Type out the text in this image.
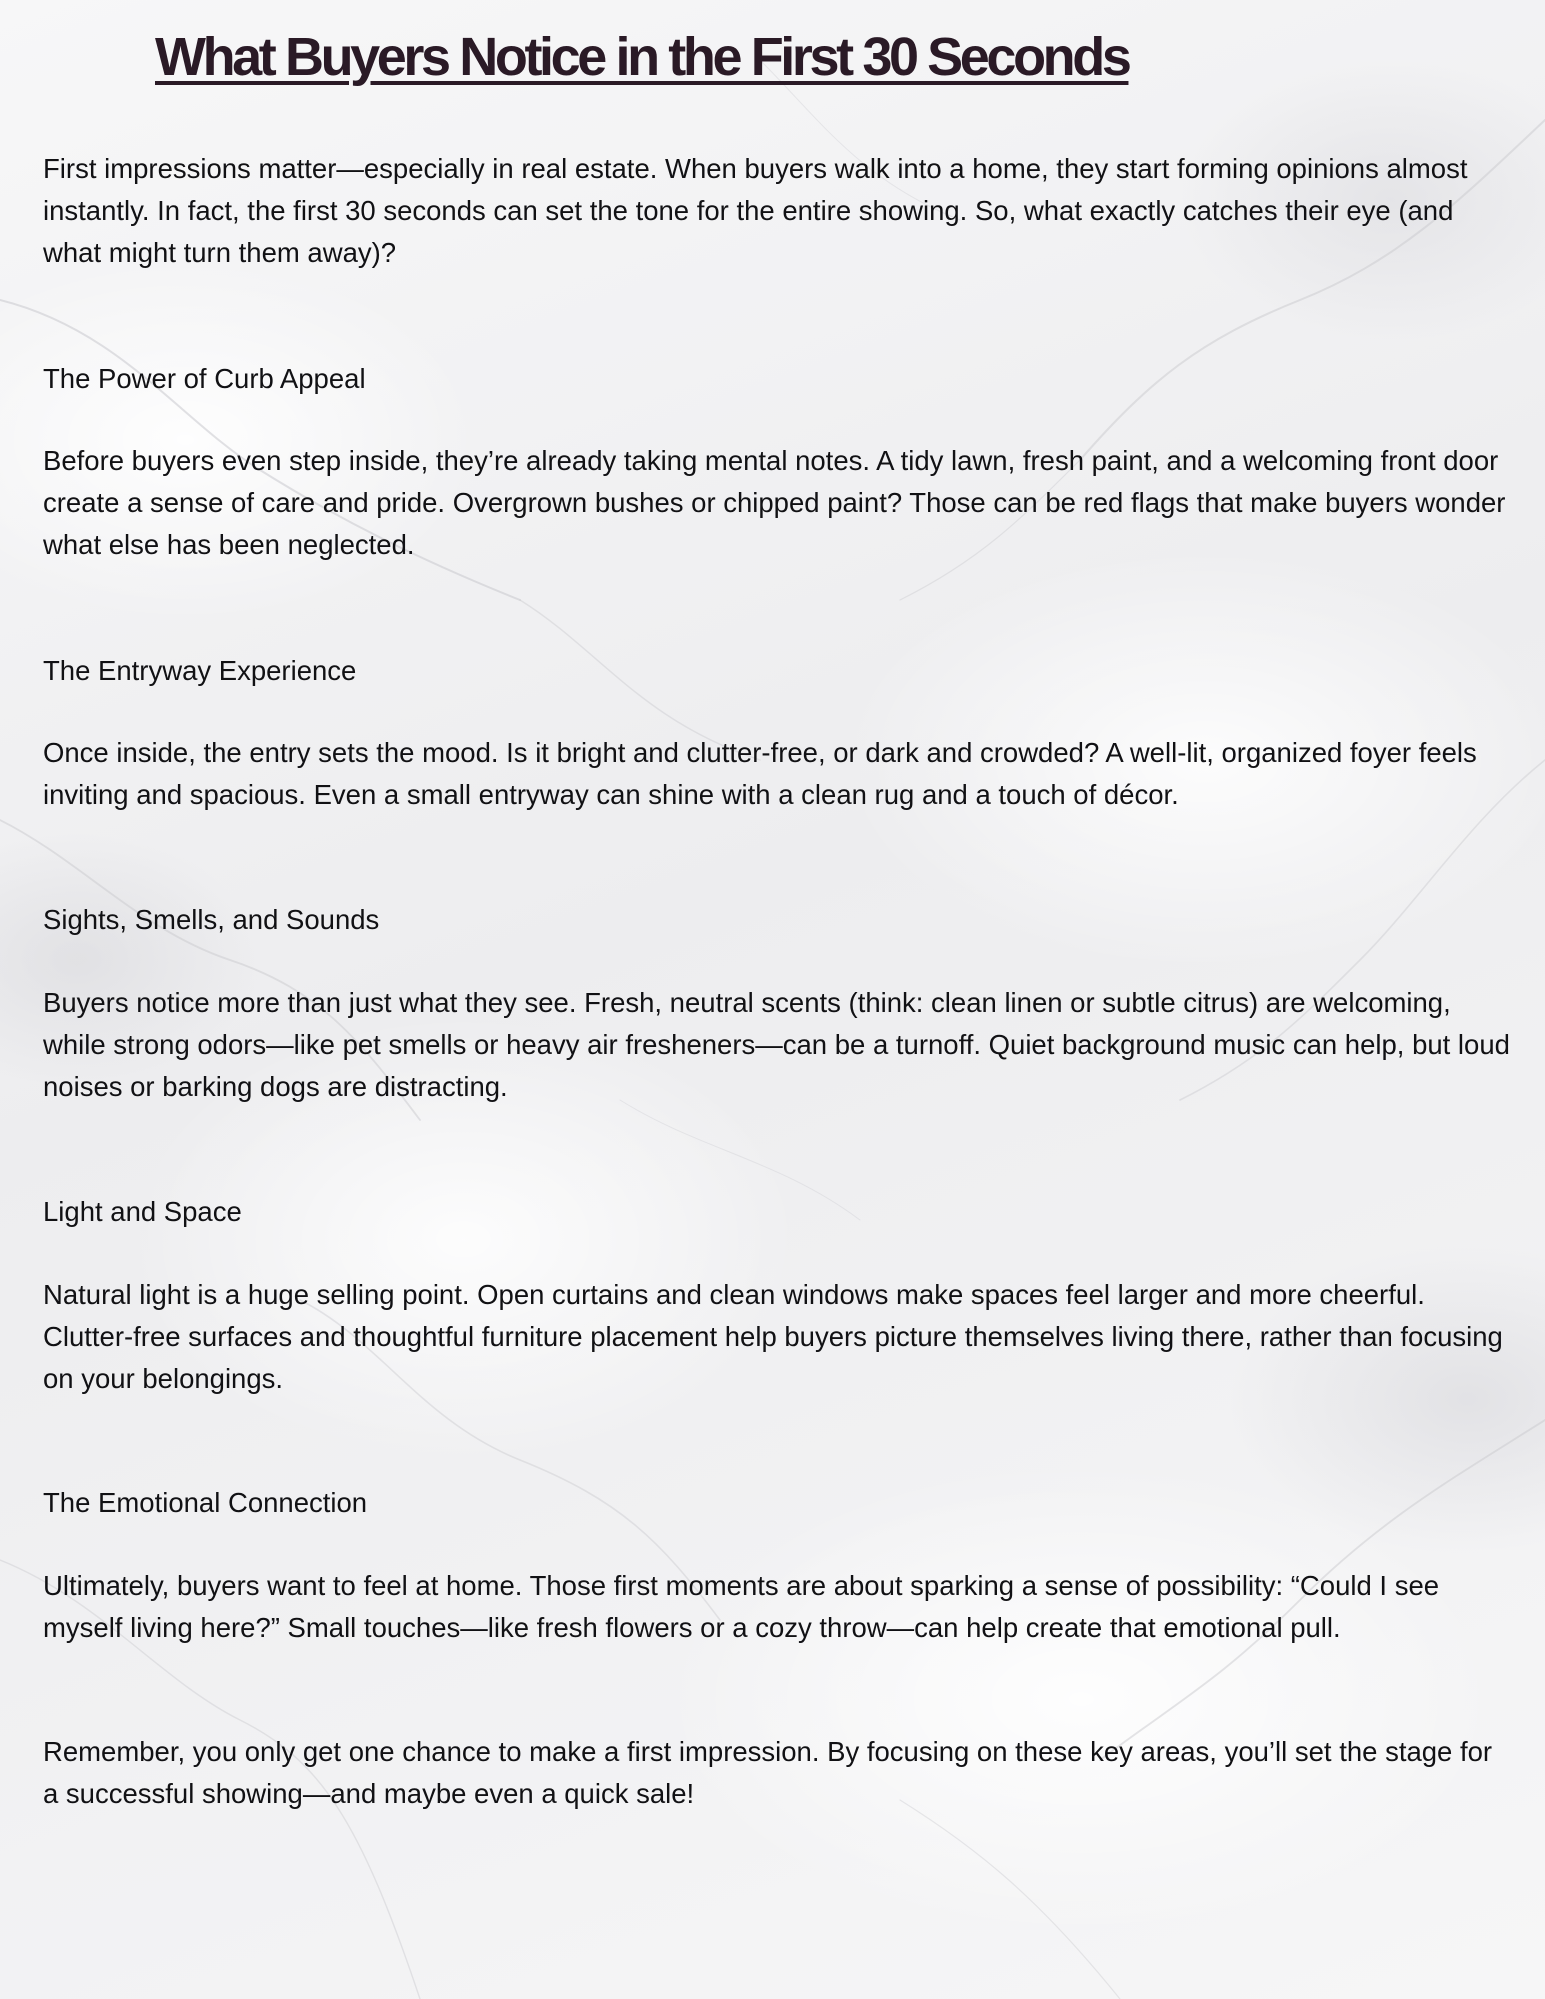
What Buyers Notice in the First 30 Seconds

First impressions matter—especially in real estate. When buyers walk into a home, they start forming opinions almost instantly. In fact, the first 30 seconds can set the tone for the entire showing. So, what exactly catches their eye (and what might turn them away)?

The Power of Curb Appeal

Before buyers even step inside, they’re already taking mental notes. A tidy lawn, fresh paint, and a welcoming front door create a sense of care and pride. Overgrown bushes or chipped paint? Those can be red flags that make buyers wonder what else has been neglected.

The Entryway Experience

Once inside, the entry sets the mood. Is it bright and clutter-free, or dark and crowded? A well-lit, organized foyer feels inviting and spacious. Even a small entryway can shine with a clean rug and a touch of décor.

Sights, Smells, and Sounds

Buyers notice more than just what they see. Fresh, neutral scents (think: clean linen or subtle citrus) are welcoming, while strong odors—like pet smells or heavy air fresheners—can be a turnoff. Quiet background music can help, but loud noises or barking dogs are distracting.

Light and Space

Natural light is a huge selling point. Open curtains and clean windows make spaces feel larger and more cheerful. Clutter-free surfaces and thoughtful furniture placement help buyers picture themselves living there, rather than focusing on your belongings.

The Emotional Connection

Ultimately, buyers want to feel at home. Those first moments are about sparking a sense of possibility: “Could I see myself living here?” Small touches—like fresh flowers or a cozy throw—can help create that emotional pull.

Remember, you only get one chance to make a first impression. By focusing on these key areas, you’ll set the stage for a successful showing—and maybe even a quick sale!
